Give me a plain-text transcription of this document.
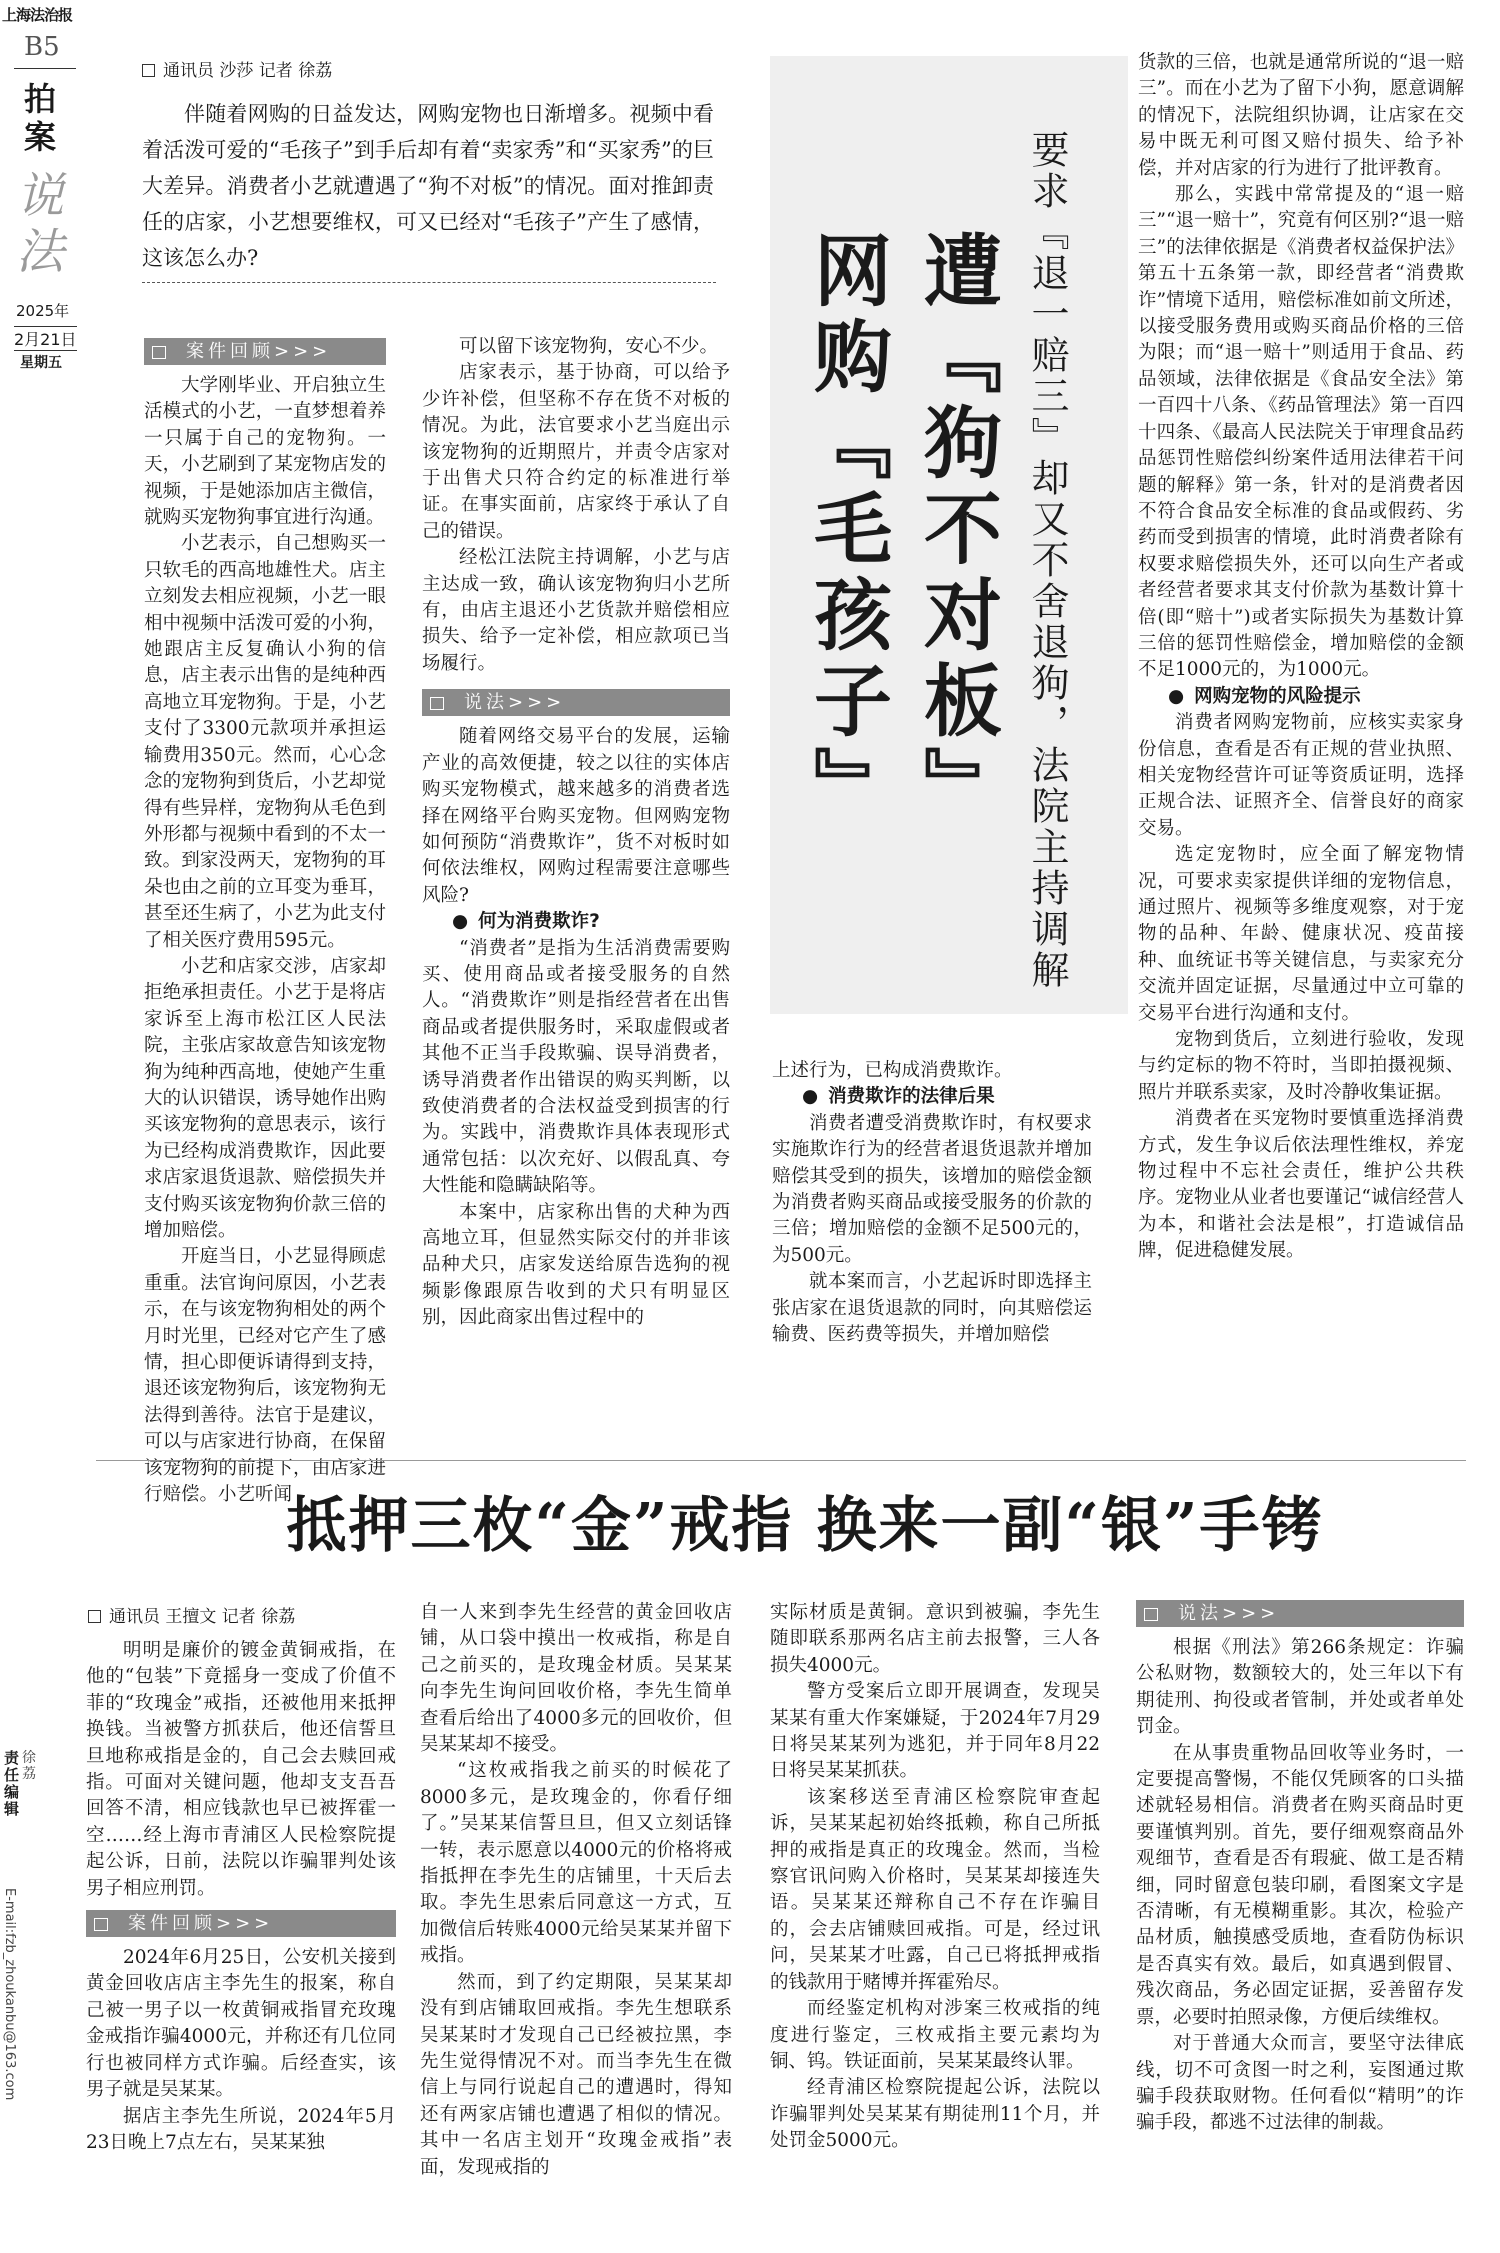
上海法治报
B5
拍
案
说
法
2025年
2月21日
星期五
责任编辑
徐荔
E-mail:fzb_zhoukanbu@163.com
通讯员 沙莎 记者 徐荔

伴随着网购的日益发达，网购宠物也日渐增多。视频中看着活泼可爱的“毛孩子”到手后却有着“卖家秀”和“买家秀”的巨大差异。消费者小艺就遭遇了“狗不对板”的情况。面对推卸责任的店家，小艺想要维权，可又已经对“毛孩子”产生了感情，这该怎么办?	网购『毛孩子』 遭『狗不对板』 要求『退一赔三』却又不舍退狗，法院主持调解
案件回顾>>>

大学刚毕业、开启独立生活模式的小艺，一直梦想着养一只属于自己的宠物狗。一天，小艺刷到了某宠物店发的视频，于是她添加店主微信，就购买宠物狗事宜进行沟通。

小艺表示，自己想购买一只软毛的西高地雄性犬。店主立刻发去相应视频，小艺一眼相中视频中活泼可爱的小狗，她跟店主反复确认小狗的信息，店主表示出售的是纯种西高地立耳宠物狗。于是，小艺支付了3300元款项并承担运输费用350元。然而，心心念念的宠物狗到货后，小艺却觉得有些异样，宠物狗从毛色到外形都与视频中看到的不太一致。到家没两天，宠物狗的耳朵也由之前的立耳变为垂耳，甚至还生病了，小艺为此支付了相关医疗费用595元。

小艺和店家交涉，店家却拒绝承担责任。小艺于是将店家诉至上海市松江区人民法院，主张店家故意告知该宠物狗为纯种西高地，使她产生重大的认识错误，诱导她作出购买该宠物狗的意思表示，该行为已经构成消费欺诈，因此要求店家退货退款、赔偿损失并支付购买该宠物狗价款三倍的增加赔偿。

开庭当日，小艺显得顾虑重重。法官询问原因，小艺表示，在与该宠物狗相处的两个月时光里，已经对它产生了感情，担心即便诉请得到支持，退还该宠物狗后，该宠物狗无法得到善待。法官于是建议，可以与店家进行协商，在保留该宠物狗的前提下，由店家进行赔偿。小艺听闻

可以留下该宠物狗，安心不少。

店家表示，基于协商，可以给予少许补偿，但坚称不存在货不对板的情况。为此，法官要求小艺当庭出示该宠物狗的近期照片，并责令店家对于出售犬只符合约定的标准进行举证。在事实面前，店家终于承认了自己的错误。

经松江法院主持调解，小艺与店主达成一致，确认该宠物狗归小艺所有，由店主退还小艺货款并赔偿相应损失、给予一定补偿，相应款项已当场履行。

说法>>>

随着网络交易平台的发展，运输产业的高效便捷，较之以往的实体店购买宠物模式，越来越多的消费者选择在网络平台购买宠物。但网购宠物如何预防“消费欺诈”，货不对板时如何依法维权，网购过程需要注意哪些风险?

● 何为消费欺诈?

“消费者”是指为生活消费需要购买、使用商品或者接受服务的自然人。“消费欺诈”则是指经营者在出售商品或者提供服务时，采取虚假或者其他不正当手段欺骗、误导消费者，诱导消费者作出错误的购买判断，以致使消费者的合法权益受到损害的行为。实践中，消费欺诈具体表现形式通常包括：以次充好、以假乱真、夸大性能和隐瞒缺陷等。

本案中，店家称出售的犬种为西高地立耳，但显然实际交付的并非该品种犬只，店家发送给原告选狗的视频影像跟原告收到的犬只有明显区别，因此商家出售过程中的

上述行为，已构成消费欺诈。

● 消费欺诈的法律后果

消费者遭受消费欺诈时，有权要求实施欺诈行为的经营者退货退款并增加赔偿其受到的损失，该增加的赔偿金额为消费者购买商品或接受服务的价款的三倍；增加赔偿的金额不足500元的，为500元。

就本案而言，小艺起诉时即选择主张店家在退货退款的同时，向其赔偿运输费、医药费等损失，并增加赔偿

货款的三倍，也就是通常所说的“退一赔三”。而在小艺为了留下小狗，愿意调解的情况下，法院组织协调，让店家在交易中既无利可图又赔付损失、给予补偿，并对店家的行为进行了批评教育。

那么，实践中常常提及的“退一赔三”“退一赔十”，究竟有何区别?“退一赔三”的法律依据是《消费者权益保护法》第五十五条第一款，即经营者“消费欺诈”情境下适用，赔偿标准如前文所述，以接受服务费用或购买商品价格的三倍为限；而“退一赔十”则适用于食品、药品领域，法律依据是《食品安全法》第一百四十八条、《药品管理法》第一百四十四条、《最高人民法院关于审理食品药品惩罚性赔偿纠纷案件适用法律若干问题的解释》第一条，针对的是消费者因不符合食品安全标准的食品或假药、劣药而受到损害的情境，此时消费者除有权要求赔偿损失外，还可以向生产者或者经营者要求其支付价款为基数计算十倍(即“赔十”)或者实际损失为基数计算三倍的惩罚性赔偿金，增加赔偿的金额不足1000元的，为1000元。

● 网购宠物的风险提示

消费者网购宠物前，应核实卖家身份信息，查看是否有正规的营业执照、相关宠物经营许可证等资质证明，选择正规合法、证照齐全、信誉良好的商家交易。

选定宠物时，应全面了解宠物情况，可要求卖家提供详细的宠物信息，通过照片、视频等多维度观察，对于宠物的品种、年龄、健康状况、疫苗接种、血统证书等关键信息，与卖家充分交流并固定证据，尽量通过中立可靠的交易平台进行沟通和支付。

宠物到货后，立刻进行验收，发现与约定标的物不符时，当即拍摄视频、照片并联系卖家，及时冷静收集证据。

消费者在买宠物时要慎重选择消费方式，发生争议后依法理性维权，养宠物过程中不忘社会责任，维护公共秩序。宠物业从业者也要谨记“诚信经营人为本，和谐社会法是根”，打造诚信品牌，促进稳健发展。

抵押三枚“金”戒指 换来一副“银”手铐
通讯员 王擅文 记者 徐荔

明明是廉价的镀金黄铜戒指，在他的“包装”下竟摇身一变成了价值不菲的“玫瑰金”戒指，还被他用来抵押换钱。当被警方抓获后，他还信誓旦旦地称戒指是金的，自己会去赎回戒指。可面对关键问题，他却支支吾吾回答不清，相应钱款也早已被挥霍一空……经上海市青浦区人民检察院提起公诉，日前，法院以诈骗罪判处该男子相应刑罚。

案件回顾>>>

2024年6月25日，公安机关接到黄金回收店店主李先生的报案，称自己被一男子以一枚黄铜戒指冒充玫瑰金戒指诈骗4000元，并称还有几位同行也被同样方式诈骗。后经查实，该男子就是吴某某。

据店主李先生所说，2024年5月23日晚上7点左右，吴某某独

自一人来到李先生经营的黄金回收店铺，从口袋中摸出一枚戒指，称是自己之前买的，是玫瑰金材质。吴某某向李先生询问回收价格，李先生简单查看后给出了4000多元的回收价，但吴某某却不接受。

“这枚戒指我之前买的时候花了8000多元，是玫瑰金的，你看仔细了。”吴某某信誓旦旦，但又立刻话锋一转，表示愿意以4000元的价格将戒指抵押在李先生的店铺里，十天后去取。李先生思索后同意这一方式，互加微信后转账4000元给吴某某并留下戒指。

然而，到了约定期限，吴某某却没有到店铺取回戒指。李先生想联系吴某某时才发现自己已经被拉黑，李先生觉得情况不对。而当李先生在微信上与同行说起自己的遭遇时，得知还有两家店铺也遭遇了相似的情况。其中一名店主划开“玫瑰金戒指”表面，发现戒指的

实际材质是黄铜。意识到被骗，李先生随即联系那两名店主前去报警，三人各损失4000元。

警方受案后立即开展调查，发现吴某某有重大作案嫌疑，于2024年7月29日将吴某某列为逃犯，并于同年8月22日将吴某某抓获。

该案移送至青浦区检察院审查起诉，吴某某起初始终抵赖，称自己所抵押的戒指是真正的玫瑰金。然而，当检察官讯问购入价格时，吴某某却接连失语。吴某某还辩称自己不存在诈骗目的，会去店铺赎回戒指。可是，经过讯问，吴某某才吐露，自己已将抵押戒指的钱款用于赌博并挥霍殆尽。

而经鉴定机构对涉案三枚戒指的纯度进行鉴定，三枚戒指主要元素均为铜、钨。铁证面前，吴某某最终认罪。

经青浦区检察院提起公诉，法院以诈骗罪判处吴某某有期徒刑11个月，并处罚金5000元。

说法>>>

根据《刑法》第266条规定：诈骗公私财物，数额较大的，处三年以下有期徒刑、拘役或者管制，并处或者单处罚金。

在从事贵重物品回收等业务时，一定要提高警惕，不能仅凭顾客的口头描述就轻易相信。消费者在购买商品时更要谨慎判别。首先，要仔细观察商品外观细节，查看是否有瑕疵、做工是否精细，同时留意包装印刷，看图案文字是否清晰，有无模糊重影。其次，检验产品材质，触摸感受质地，查看防伪标识是否真实有效。最后，如真遇到假冒、残次商品，务必固定证据，妥善留存发票，必要时拍照录像，方便后续维权。

对于普通大众而言，要坚守法律底线，切不可贪图一时之利，妄图通过欺骗手段获取财物。任何看似“精明”的诈骗手段，都逃不过法律的制裁。
